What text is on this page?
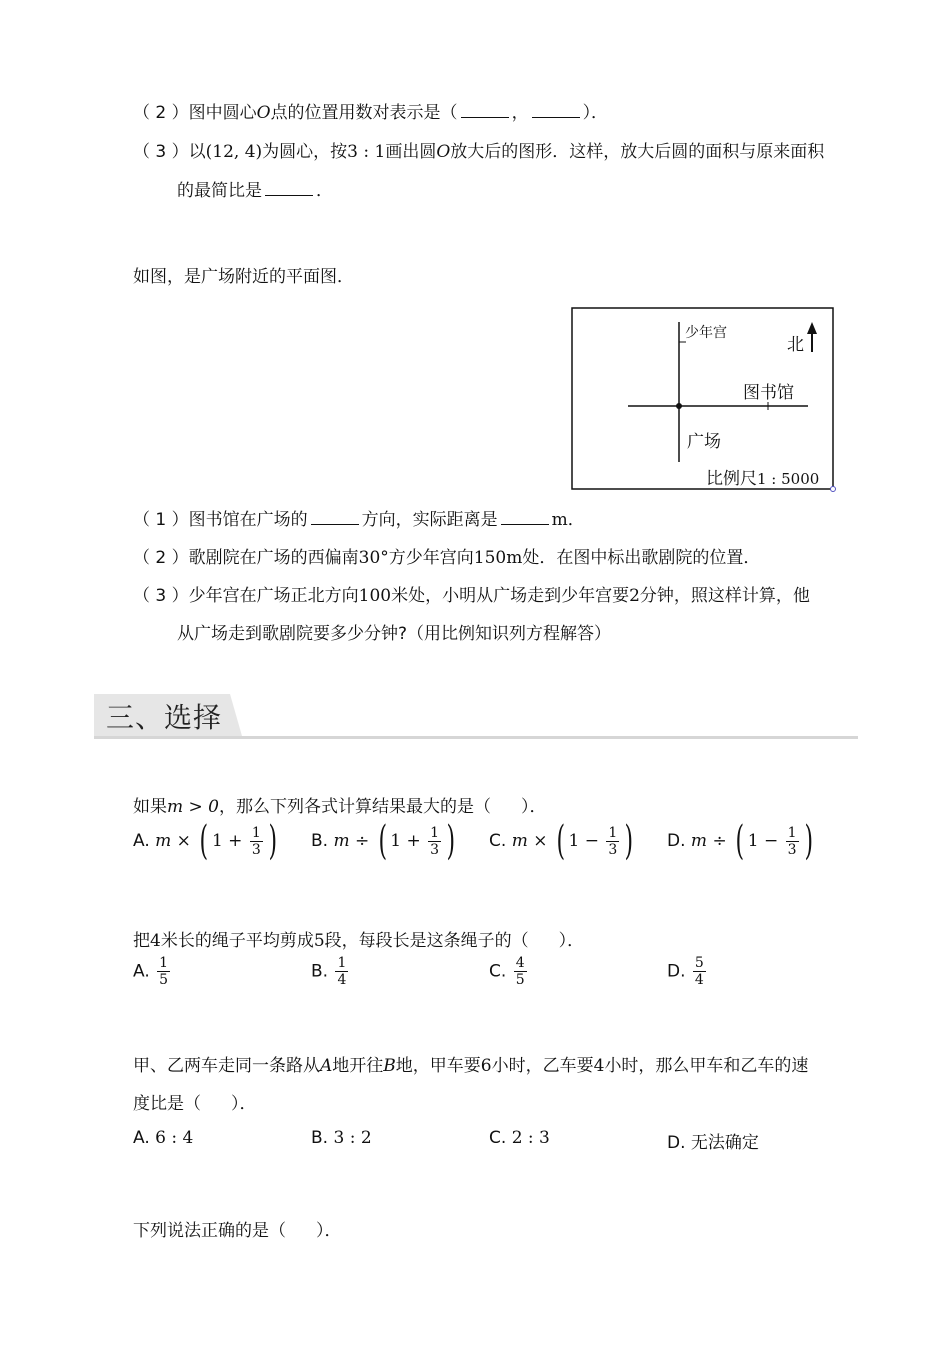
（ 2 ）图中圆心O点的位置用数对表示是（	，	）．
（ 3 ）以(12, 4)为圆心，按3 : 1画出圆O放大后的图形．这样，放大后圆的面积与原来面积
的最简比是	．
如图，是广场附近的平面图．
少年宫
北
图书馆
广场
比例尺1 : 5000
（ 1 ）图书馆在广场的	方向，实际距离是	m．
（ 2 ）歌剧院在广场的西偏南30°方少年宫向150m处．在图中标出歌剧院的位置．
（ 3 ）少年宫在广场正北方向100米处，小明从广场走到少年宫要2分钟，照这样计算，他
从广场走到歌剧院要多少分钟?（用比例知识列方程解答）
三、选择
如果m > 0，那么下列各式计算结果最大的是（ ）．
A. m × ( $1 + \frac{1}{3}$ ) B. m ÷ ( $1 + \frac{1}{3}$ ) C. m × ( $1 - \frac{1}{3}$ ) D. m ÷ ( $1 - \frac{1}{3}$ )
把4米长的绳子平均剪成5段，每段长是这条绳子的（ ）．
A. $\frac{1}{5}$	B. $\frac{1}{4}$	C. $\frac{4}{5}$	D. $\frac{5}{4}$
甲、乙两车走同一条路从A地开往B地，甲车要6小时，乙车要4小时，那么甲车和乙车的速
度比是（ ）．
A. 6 : 4	B. 3 : 2	C. 2 : 3	D. 无法确定
下列说法正确的是（ ）．
